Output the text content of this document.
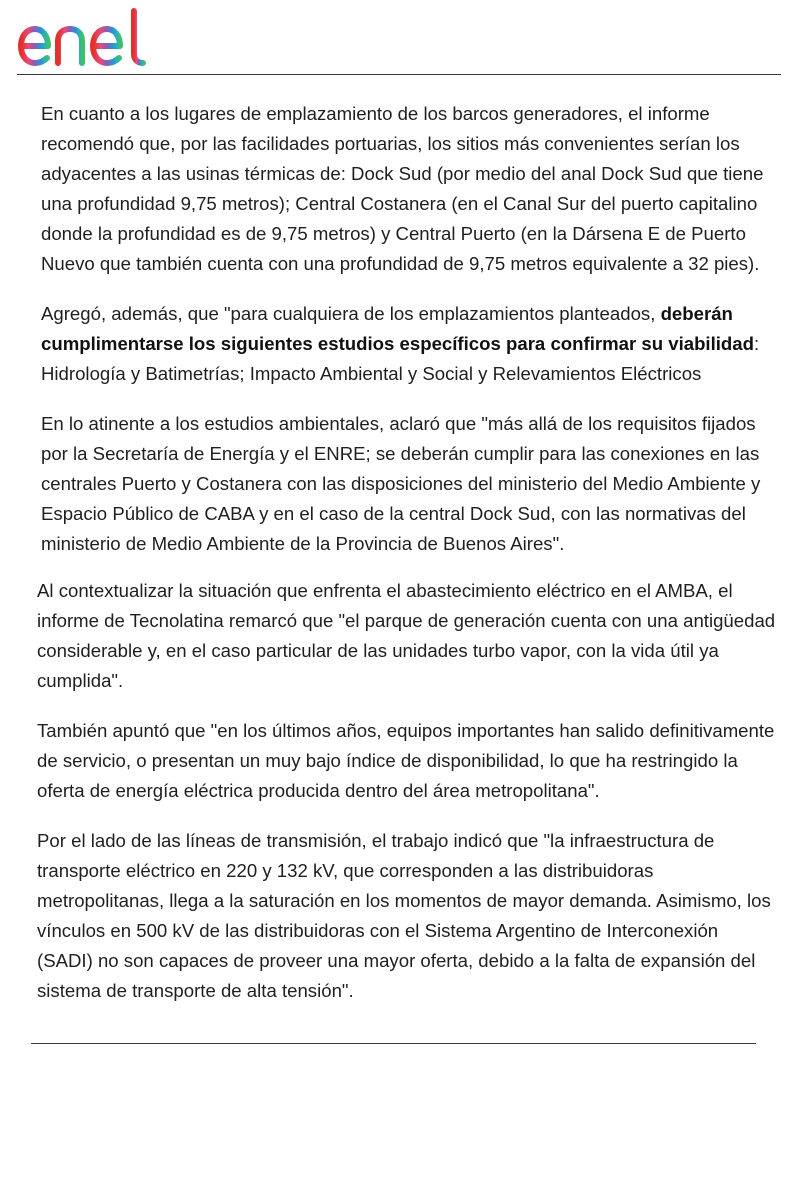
En cuanto a los lugares de emplazamiento de los barcos generadores, el informe recomendó que, por las facilidades portuarias, los sitios más convenientes serían los adyacentes a las usinas térmicas de: Dock Sud (por medio del anal Dock Sud que tiene una profundidad 9,75 metros); Central Costanera (en el Canal Sur del puerto capitalino donde la profundidad es de 9,75 metros) y Central Puerto (en la Dársena E de Puerto Nuevo que también cuenta con una profundidad de 9,75 metros equivalente a 32 pies).

Agregó, además, que "para cualquiera de los emplazamientos planteados, deberán cumplimentarse los siguientes estudios específicos para confirmar su viabilidad: Hidrología y Batimetrías; Impacto Ambiental y Social y Relevamientos Eléctricos

En lo atinente a los estudios ambientales, aclaró que "más allá de los requisitos fijados por la Secretaría de Energía y el ENRE; se deberán cumplir para las conexiones en las centrales Puerto y Costanera con las disposiciones del ministerio del Medio Ambiente y Espacio Público de CABA y en el caso de la central Dock Sud, con las normativas del ministerio de Medio Ambiente de la Provincia de Buenos Aires".

Al contextualizar la situación que enfrenta el abastecimiento eléctrico en el AMBA, el informe de Tecnolatina remarcó que "el parque de generación cuenta con una antigüedad considerable y, en el caso particular de las unidades turbo vapor, con la vida útil ya cumplida".

También apuntó que "en los últimos años, equipos importantes han salido definitivamente de servicio, o presentan un muy bajo índice de disponibilidad, lo que ha restringido la oferta de energía eléctrica producida dentro del área metropolitana".

Por el lado de las líneas de transmisión, el trabajo indicó que "la infraestructura de transporte eléctrico en 220 y 132 kV, que corresponden a las distribuidoras metropolitanas, llega a la saturación en los momentos de mayor demanda. Asimismo, los vínculos en 500 kV de las distribuidoras con el Sistema Argentino de Interconexión (SADI) no son capaces de proveer una mayor oferta, debido a la falta de expansión del sistema de transporte de alta tensión".
